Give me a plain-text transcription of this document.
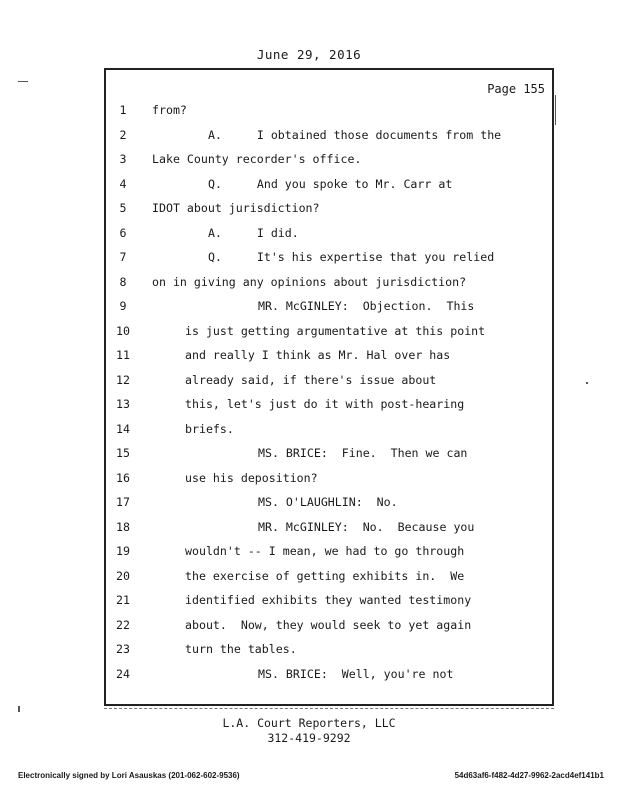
June 29, 2016
Page 155
1	from?
2	A.     I obtained those documents from the
3	Lake County recorder's office.
4	Q.     And you spoke to Mr. Carr at
5	IDOT about jurisdiction?
6	A.     I did.
7	Q.     It's his expertise that you relied
8	on in giving any opinions about jurisdiction?
9	MR. McGINLEY:  Objection.  This
10	is just getting argumentative at this point
11	and really I think as Mr. Hal over has
12	already said, if there's issue about
13	this, let's just do it with post-hearing
14	briefs.
15	MS. BRICE:  Fine.  Then we can
16	use his deposition?
17	MS. O'LAUGHLIN:  No.
18	MR. McGINLEY:  No.  Because you
19	wouldn't -- I mean, we had to go through
20	the exercise of getting exhibits in.  We
21	identified exhibits they wanted testimony
22	about.  Now, they would seek to yet again
23	turn the tables.
24	MS. BRICE:  Well, you're not
L.A. Court Reporters, LLC
312-419-9292
Electronically signed by Lori Asauskas (201-062-602-9536)	54d63af6-f482-4d27-9962-2acd4ef141b1
